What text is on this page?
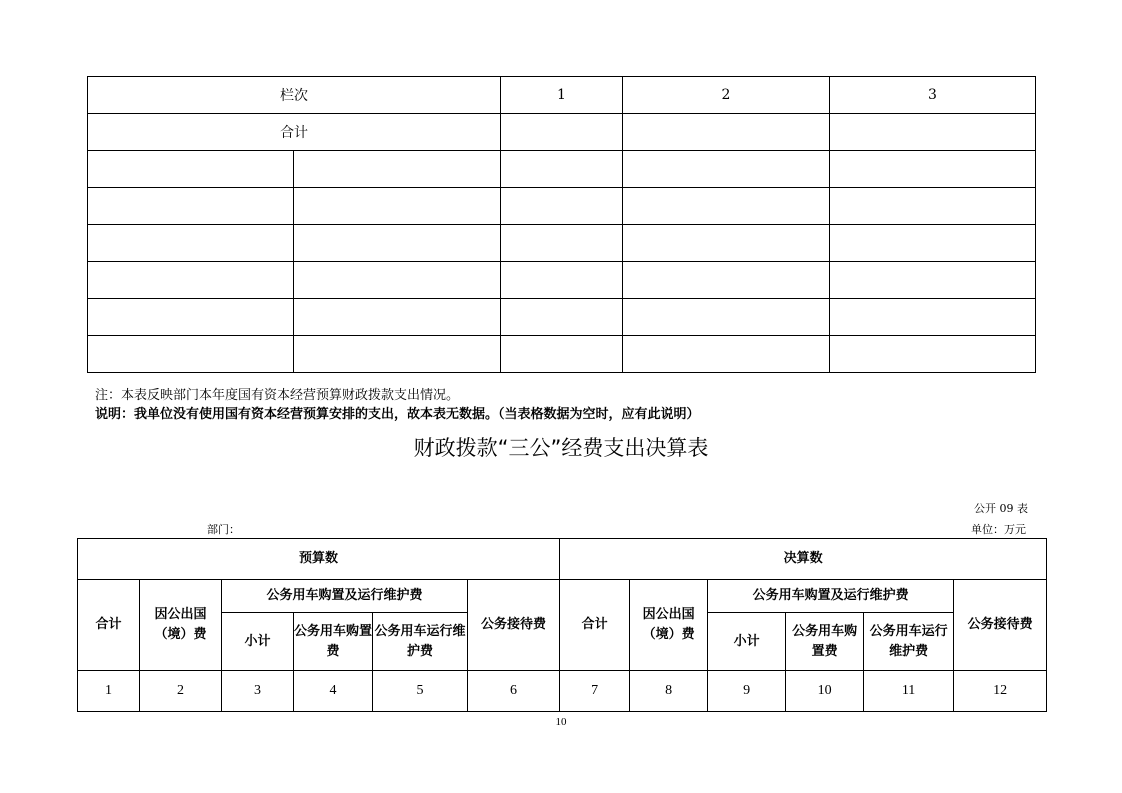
栏次		1	2	3
合计				

注：本表反映部门本年度国有资本经营预算财政拨款支出情况。
说明：我单位没有使用国有资本经营预算安排的支出，故本表无数据。（当表格数据为空时，应有此说明）
财政拨款“三公”经费支出决算表
公开 09 表
部门：	单位：万元
预算数						决算数					
合计	因公出国（境）费	公务用车购置及运行维护费			公务接待费	合计	因公出国（境）费	公务用车购置及运行维护费			公务接待费
		小计	公务用车购置费	公务用车运行维护费				小计	公务用车购置费	公务用车运行维护费	
1	2	3	4	5	6	7	8	9	10	11	12
10
